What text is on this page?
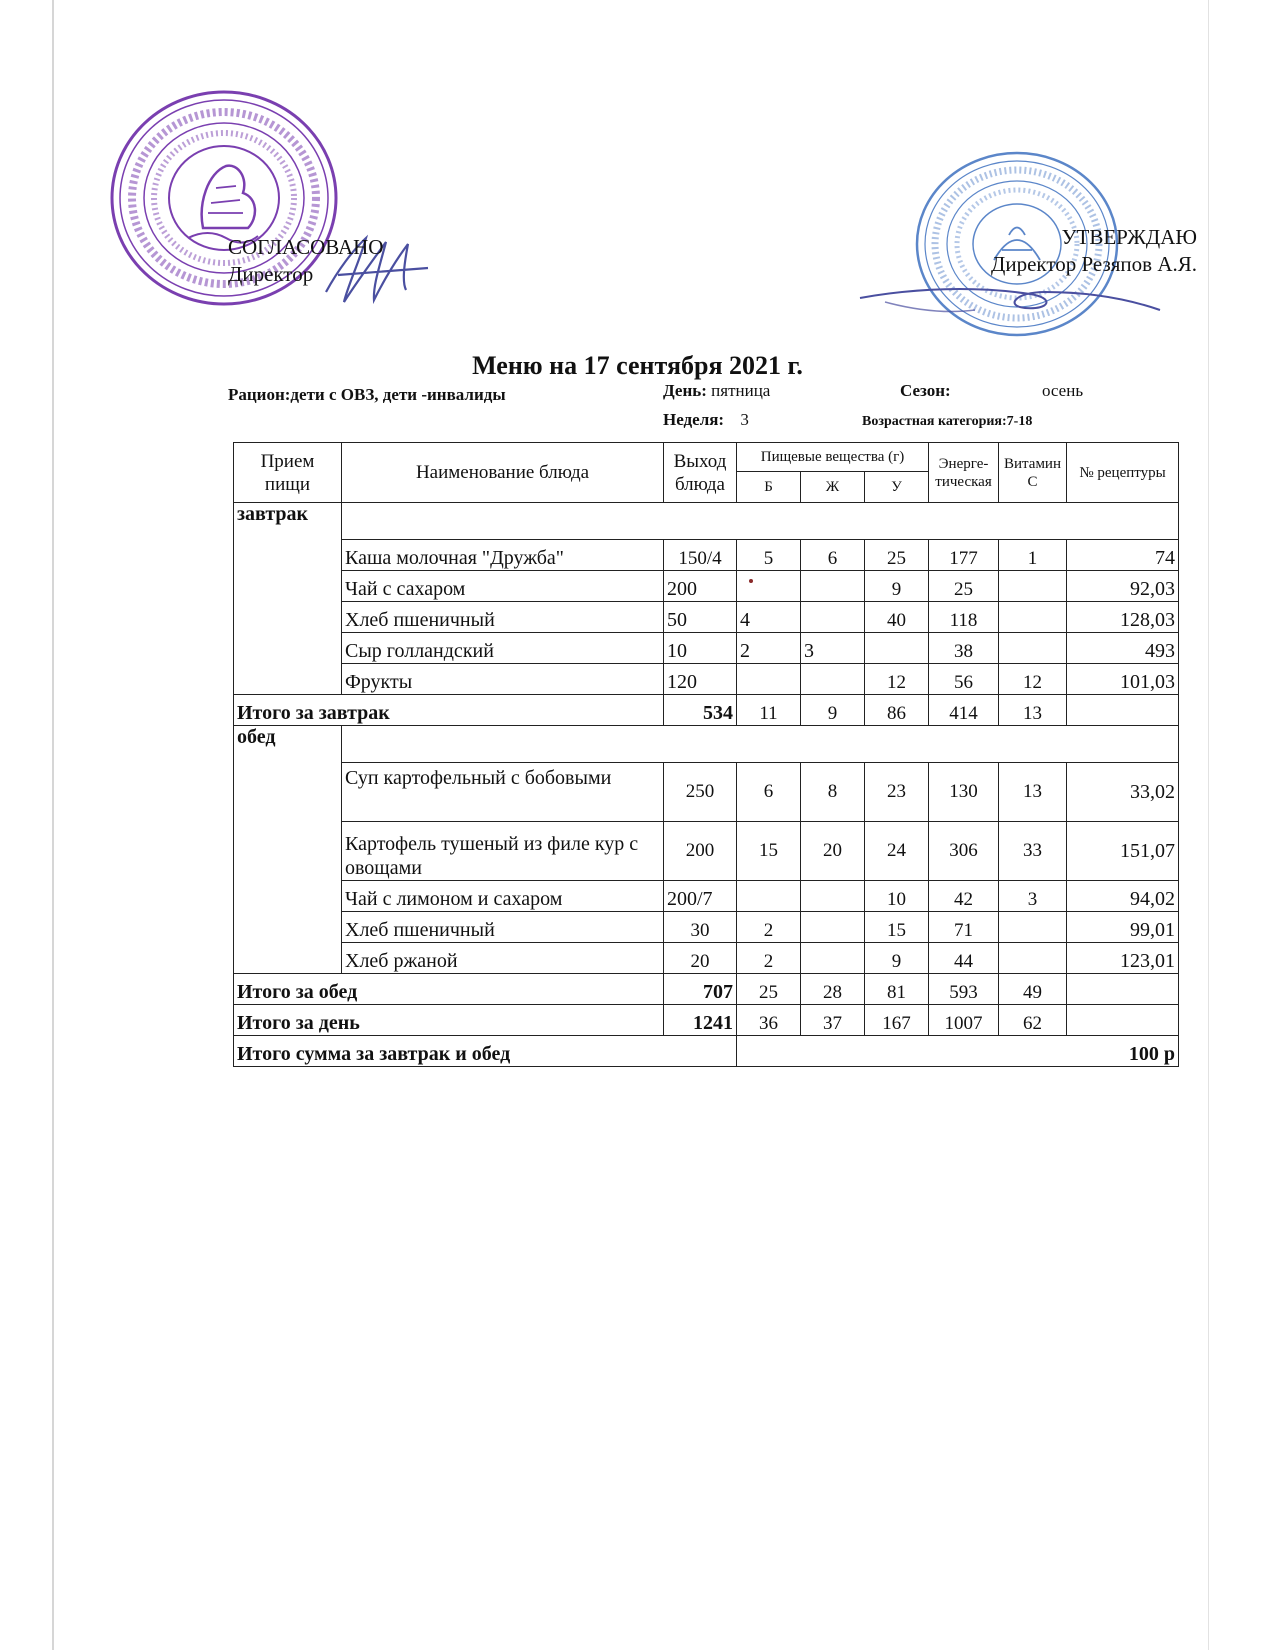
СОГЛАСОВАНО
Директор
УТВЕРЖДАЮ
Директор Резяпов А.Я.
Меню на 17 сентября 2021 г.
Рацион:дети с ОВЗ, дети -инвалиды	День: пятница	Сезон:	осень
Неделя: 3	Возрастная категория:7-18
Прием пищи	Наименование блюда	Выход блюда	Пищевые вещества (г)			Энерге-тическая	Витамин С	№ рецептуры
			Б	Ж	У			
завтрак								
	Каша молочная "Дружба"	150/4	5	6	25	177	1	74
	Чай с сахаром	200			9	25		92,03
	Хлеб пшеничный	50	4		40	118		128,03
	Сыр голландский	10	2	3		38		493
	Фрукты	120			12	56	12	101,03
Итого за завтрак		534	11	9	86	414	13	
обед								
	Суп картофельный с бобовыми	250	6	8	23	130	13	33,02
	Картофель тушеный из филе кур с овощами	200	15	20	24	306	33	151,07
	Чай с лимоном и сахаром	200/7			10	42	3	94,02
	Хлеб пшеничный	30	2		15	71		99,01
	Хлеб ржаной	20	2		9	44		123,01
Итого за обед		707	25	28	81	593	49	
Итого за день		1241	36	37	167	1007	62	
Итого сумма за завтрак и обед			100 р					
